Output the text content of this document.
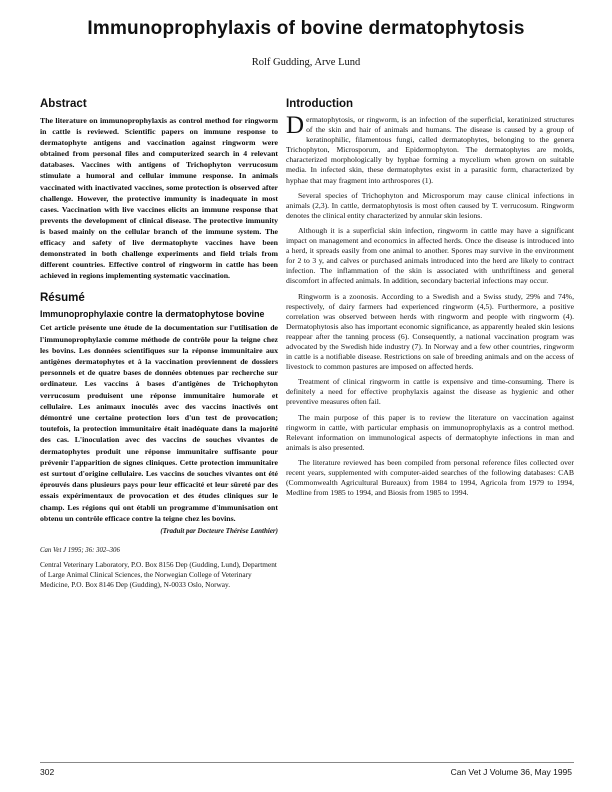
Immunoprophylaxis of bovine dermatophytosis
Rolf Gudding, Arve Lund
Abstract

The literature on immunoprophylaxis as control method for ringworm in cattle is reviewed. Scientific papers on immune response to dermatophyte antigens and vaccination against ringworm were obtained from personal files and computerized search in 4 relevant databases. Vaccines with antigens of Trichophyton verrucosum stimulate a humoral and cellular immune response. In animals vaccinated with inactivated vaccines, some protection is observed after challenge. However, the protective immunity is inadequate in most cases. Vaccination with live vaccines elicits an immune response that prevents the development of clinical disease. The protective immunity is based mainly on the cellular branch of the immune system. The efficacy and safety of live dermatophyte vaccines have been demonstrated in both challenge experiments and field trials from different countries. Effective control of ringworm in cattle has been achieved in regions implementing systematic vaccination.

Résumé

Immunoprophylaxie contre la dermatophytose bovine

Cet article présente une étude de la documentation sur l'utilisation de l'immunoprophylaxie comme méthode de contrôle pour la teigne chez les bovins. Les données scientifiques sur la réponse immunitaire aux antigènes dermatophytes et à la vaccination proviennent de dossiers personnels et de quatre bases de données obtenues par recherche sur ordinateur. Les vaccins à bases d'antigènes de Trichophyton verrucosum produisent une réponse immunitaire humorale et cellulaire. Les animaux inoculés avec des vaccins inactivés ont démontré une certaine protection lors d'un test de provocation; toutefois, la protection immunitaire était inadéquate dans la majorité des cas. L'inoculation avec des vaccins de souches vivantes de dermatophytes produit une réponse immunitaire suffisante pour prévenir l'apparition de signes cliniques. Cette protection immunitaire est surtout d'origine cellulaire. Les vaccins de souches vivantes ont été éprouvés dans plusieurs pays pour leur efficacité et leur sûreté par des essais expérimentaux de provocation et des études cliniques sur le champ. Les régions qui ont établi un programme d'immunisation ont obtenu un contrôle efficace contre la teigne chez les bovins.

(Traduit par Docteure Thérèse Lanthier)

Can Vet J 1995; 36: 302–306

Central Veterinary Laboratory, P.O. Box 8156 Dep (Gudding, Lund), Department of Large Animal Clinical Sciences, the Norwegian College of Veterinary Medicine, P.O. Box 8146 Dep (Gudding), N-0033 Oslo, Norway.

Introduction

Dermatophytosis, or ringworm, is an infection of the superficial, keratinized structures of the skin and hair of animals and humans. The disease is caused by a group of keratinophilic, filamentous fungi, called dermatophytes, belonging to the genera Trichophyton, Microsporum, and Epidermophyton. The dermatophytes are molds, characterized morphologically by hyphae forming a mycelium when grown on suitable media. In infected skin, these dermatophytes exist in a parasitic form, characterized by hyphae that may fragment into arthrospores (1).

Several species of Trichophyton and Microsporum may cause clinical infections in animals (2,3). In cattle, dermatophytosis is most often caused by T. verrucosum. Ringworm denotes the clinical entity characterized by annular skin lesions.

Although it is a superficial skin infection, ringworm in cattle may have a significant impact on management and economics in affected herds. Once the disease is introduced into a herd, it spreads easily from one animal to another. Spores may survive in the environment for 2 to 3 y, and calves or purchased animals introduced into the herd are likely to contract infection. The inflammation of the skin is associated with unthriftiness and general discomfort in affected animals. In addition, secondary bacterial infections may occur.

Ringworm is a zoonosis. According to a Swedish and a Swiss study, 29% and 74%, respectively, of dairy farmers had experienced ringworm (4,5). Furthermore, a positive correlation was observed between herds with ringworm and people with ringworm (4). Dermatophytosis also has important economic significance, as apparently healed skin lesions reappear after the tanning process (6). Consequently, a national vaccination program was advocated by the Swedish hide industry (7). In Norway and a few other countries, ringworm in cattle is a notifiable disease. Restrictions on sale of breeding animals and on the access of livestock to common pastures are imposed on affected herds.

Treatment of clinical ringworm in cattle is expensive and time-consuming. There is definitely a need for effective prophylaxis against the disease as hygienic and other preventive measures often fail.

The main purpose of this paper is to review the literature on vaccination against ringworm in cattle, with particular emphasis on immunoprophylaxis as a control method. Relevant information on immunological aspects of dermatophyte infections in man and animals is also presented.

The literature reviewed has been compiled from personal reference files collected over recent years, supplemented with computer-aided searches of the following databases: CAB (Commonwealth Agricultural Bureaux) from 1984 to 1994, Agricola from 1979 to 1994, Medline from 1985 to 1994, and Biosis from 1985 to 1994.

302	Can Vet J Volume 36, May 1995
